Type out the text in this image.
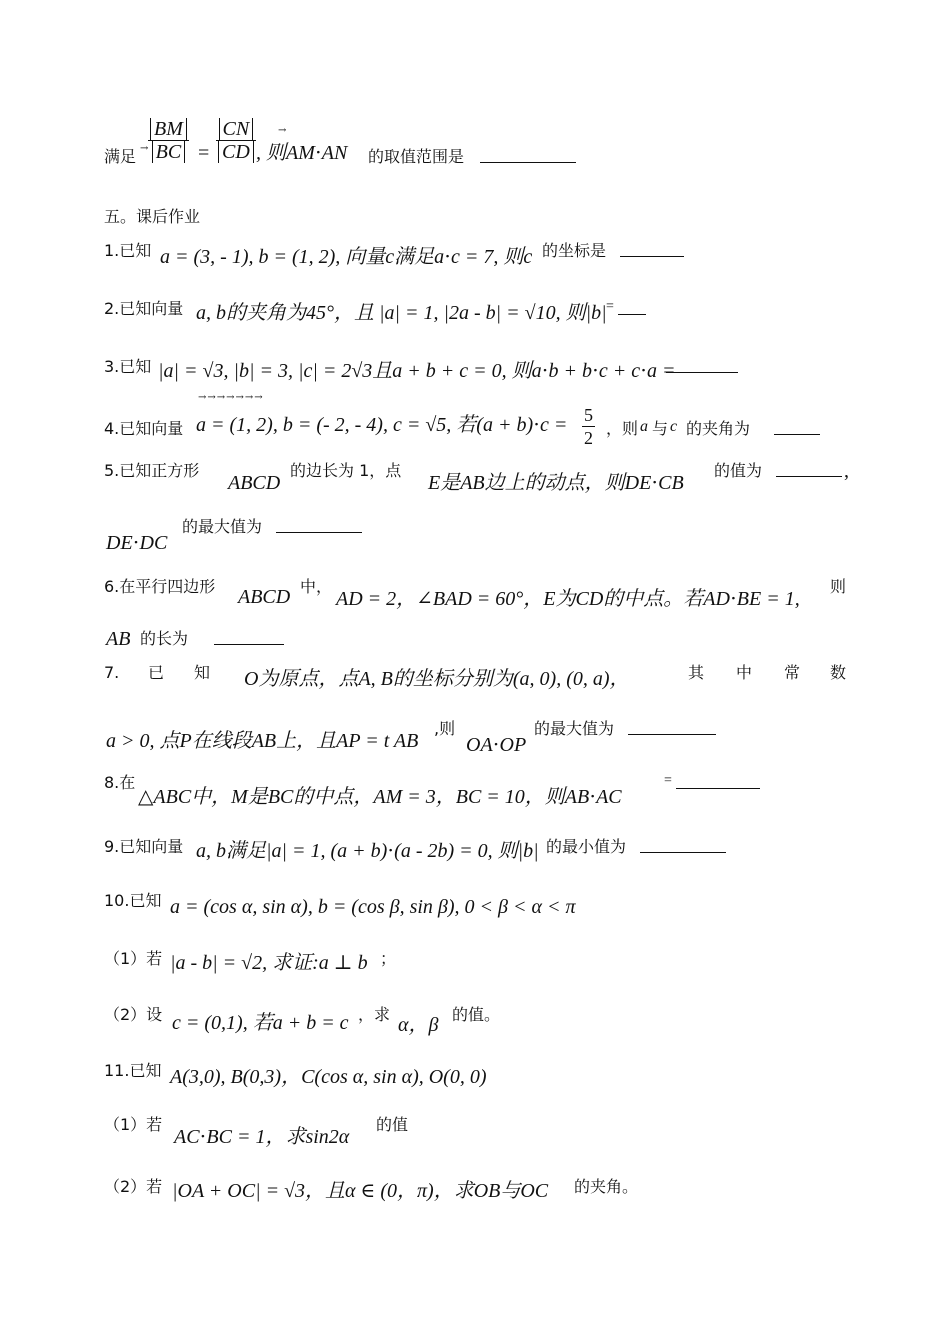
满足 → $\frac{BM}{BC} = \frac{CN}{CD}$ →
, 则AM⋅AN 的取值范围是
五。课后作业
1.已知 a = (3, - 1), b = (1, 2), 向量c满足a⋅c = 7, 则c 的坐标是
2.已知向量 a, b的夹角为45°，且 |a| = 1, |2a - b| = √10, 则|b| =
3.已知 |a| = √3, |b| = 3, |c| = 2√3且a + b + c = 0, 则a⋅b + b⋅c + c⋅a =
→→→→→→→
4.已知向量 a = (1, 2), b = (- 2, - 4), c = √5, 若$(a + b)\cdot c = \frac{5}{2}$ ，则 a 与 c 的夹角为
5.已知正方形
ABCD
的边长为 1，点
E是AB边上的动点，则DE⋅CB
的值为	,
DE⋅DC
的最大值为
6.在平行四边形 ABCD 中，
AD = 2，∠BAD = 60°，E为CD的中点。若AD⋅BE = 1,
则
AB 的长为
7. 已 知 O为原点，点A, B的坐标分别为(a, 0), (0, a)，	其 中 常 数
a > 0, 点P在线段AB上，且AP = t AB
,则
OA⋅OP
的最大值为
8.在
△ABC中，M是BC的中点，AM = 3，BC = 10，则AB⋅AC
=
9.已知向量 a, b满足|a| = 1, (a + b)⋅(a - 2b) = 0, 则|b| 的最小值为
10.已知 a = (cos α, sin α), b = (cos β, sin β), 0 < β < α < π
（1）若 |a - b| = √2, 求证:a ⊥ b ；
（2）设 c = (0,1), 若a + b = c ，求 α，β 的值。
11.已知 A(3,0), B(0,3)，C(cos α, sin α), O(0, 0)
（1）若
AC⋅BC = 1，求sin2α
的值
（2）若 |OA + OC| = √3，且α ∈ (0，π)，求OB与OC 的夹角。
